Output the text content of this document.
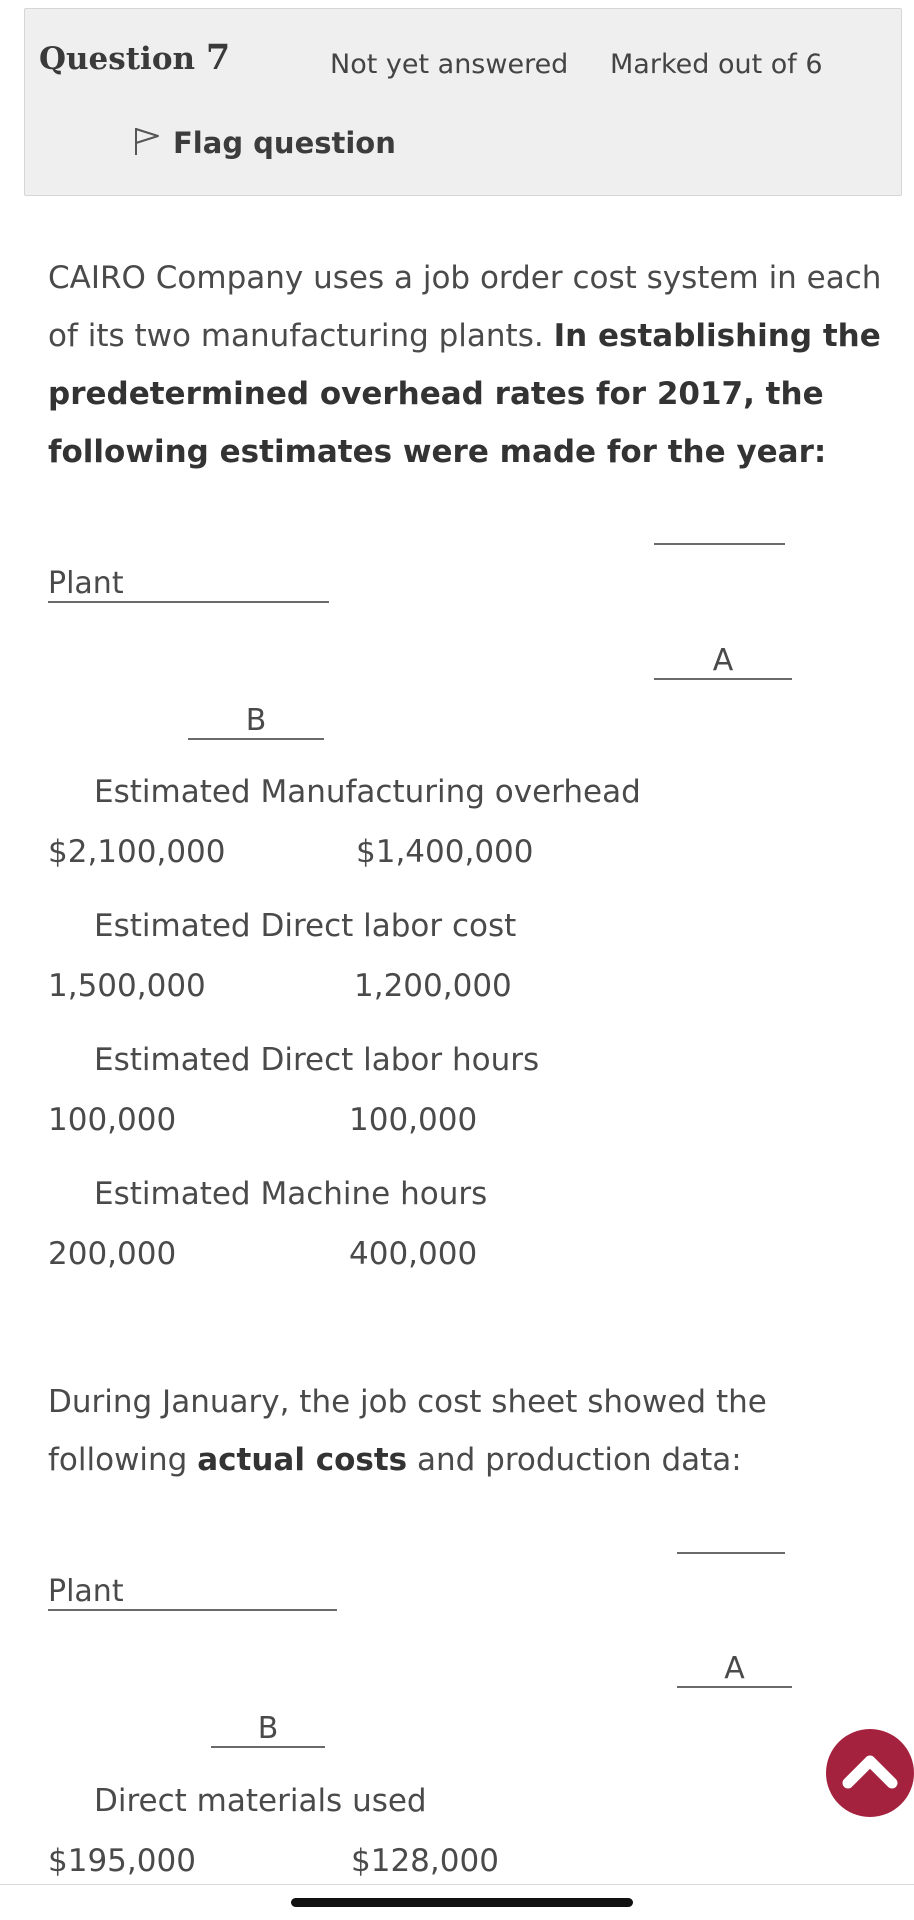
Question 7	Not yet answered Marked out of 6
Flag question
CAIRO Company uses a job order cost system in each of its two manufacturing plants. In establishing the predetermined overhead rates for 2017, the following estimates were made for the year:
Plant
A
B
Estimated Manufacturing overhead
$2,100,000	$1,400,000
Estimated Direct labor cost
1,500,000	1,200,000
Estimated Direct labor hours
100,000	100,000
Estimated Machine hours
200,000	400,000
During January, the job cost sheet showed the following actual costs and production data:
Plant
A
B
Direct materials used
$195,000	$128,000
